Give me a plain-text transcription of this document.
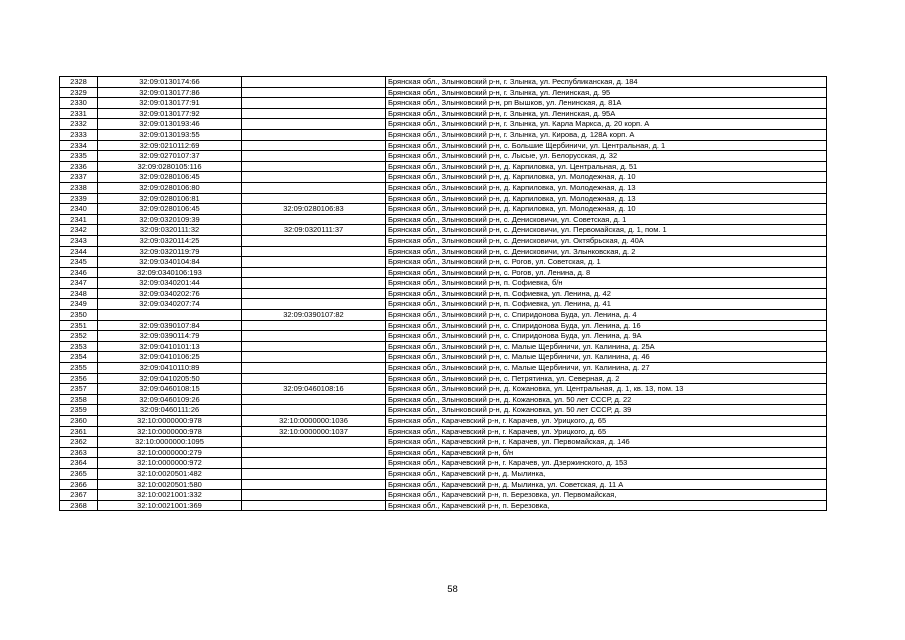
2328	32:09:0130174:66		Брянская обл., Злынковский р-н, г. Злынка, ул. Республиканская, д. 184
2329	32:09:0130177:86		Брянская обл., Злынковский р-н, г. Злынка, ул. Ленинская, д. 95
2330	32:09:0130177:91		Брянская обл., Злынковский р-н, рп Вышков, ул. Ленинская, д. 81А
2331	32:09:0130177:92		Брянская обл., Злынковский р-н, г. Злынка, ул. Ленинская, д. 95А
2332	32:09:0130193:46		Брянская обл., Злынковский р-н, г. Злынка, ул. Карла Маркса, д. 20 корп. А
2333	32:09:0130193:55		Брянская обл., Злынковский р-н, г. Злынка, ул. Кирова, д. 128А корп. А
2334	32:09:0210112:69		Брянская обл., Злынковский р-н, с. Большие Щербиничи, ул. Центральная, д. 1
2335	32:09:0270107:37		Брянская обл., Злынковский р-н, с. Лысые, ул. Белорусская, д. 32
2336	32:09:0280105:116		Брянская обл., Злынковский р-н, д. Карпиловка, ул. Центральная, д. 51
2337	32:09:0280106:45		Брянская обл., Злынковский р-н, д. Карпиловка, ул. Молодежная, д. 10
2338	32:09:0280106:80		Брянская обл., Злынковский р-н, д. Карпиловка, ул. Молодежная, д. 13
2339	32:09:0280106:81		Брянская обл., Злынковский р-н, д. Карпиловка, ул. Молодежная, д. 13
2340	32:09:0280106:45	32:09:0280106:83	Брянская обл., Злынковский р-н, д. Карпиловка, ул. Молодежная, д. 10
2341	32:09:0320109:39		Брянская обл., Злынковский р-н, с. Денисковичи, ул. Советская, д. 1
2342	32:09:0320111:32	32:09:0320111:37	Брянская обл., Злынковский р-н, с. Денисковичи, ул. Первомайская, д. 1, пом. 1
2343	32:09:0320114:25		Брянская обл., Злынковский р-н, с. Денисковичи, ул. Октябрьская, д. 40А
2344	32:09:0320119:79		Брянская обл., Злынковский р-н, с. Денисковичи, ул. Злынковская, д. 2
2345	32:09:0340104:84		Брянская обл., Злынковский р-н, с. Рогов, ул. Советская, д. 1
2346	32:09:0340106:193		Брянская обл., Злынковский р-н, с. Рогов, ул. Ленина, д. 8
2347	32:09:0340201:44		Брянская обл., Злынковский р-н, п. Софиевка, б/н
2348	32:09:0340202:76		Брянская обл., Злынковский р-н, п. Софиевка, ул. Ленина, д. 42
2349	32:09:0340207:74		Брянская обл., Злынковский р-н, п. Софиевка, ул. Ленина, д. 41
2350		32:09:0390107:82	Брянская обл., Злынковский р-н, с. Спиридонова Буда, ул. Ленина, д. 4
2351	32:09:0390107:84		Брянская обл., Злынковский р-н, с. Спиридонова Буда, ул. Ленина, д. 16
2352	32:09:0390114:79		Брянская обл., Злынковский р-н, с. Спиридонова Буда, ул. Ленина, д. 9А
2353	32:09:0410101:13		Брянская обл., Злынковский р-н, с. Малые Щербиничи, ул. Калинина, д. 25А
2354	32:09:0410106:25		Брянская обл., Злынковский р-н, с. Малые Щербиничи, ул. Калинина, д. 46
2355	32:09:0410110:89		Брянская обл., Злынковский р-н, с. Малые Щербиничи, ул. Калинина, д. 27
2356	32:09:0410205:50		Брянская обл., Злынковский р-н, с. Петрятинка, ул. Северная, д. 2
2357	32:09:0460108:15	32:09:0460108:16	Брянская обл., Злынковский р-н, д. Кожановка, ул. Центральная, д. 1, кв. 13, пом. 13
2358	32:09:0460109:26		Брянская обл., Злынковский р-н, д. Кожановка, ул. 50 лет СССР, д. 22
2359	32:09:0460111:26		Брянская обл., Злынковский р-н, д. Кожановка, ул. 50 лет СССР, д. 39
2360	32:10:0000000:978	32:10:0000000:1036	Брянская обл., Карачевский р-н, г. Карачев, ул. Урицкого, д. 65
2361	32:10:0000000:978	32:10:0000000:1037	Брянская обл., Карачевский р-н, г. Карачев, ул. Урицкого, д. 65
2362	32:10:0000000:1095		Брянская обл., Карачевский р-н, г. Карачев, ул. Первомайская, д. 146
2363	32:10:0000000:279		Брянская обл., Карачевский р-н, б/н
2364	32:10:0000000:972		Брянская обл., Карачевский р-н, г. Карачев, ул. Дзержинского, д. 153
2365	32:10:0020501:482		Брянская обл., Карачевский р-н, д. Мылинка,
2366	32:10:0020501:580		Брянская обл., Карачевский р-н, д. Мылинка, ул. Советская, д. 11 А
2367	32:10:0021001:332		Брянская обл., Карачевский р-н, п. Березовка, ул. Первомайская,
2368	32:10:0021001:369		Брянская обл., Карачевский р-н, п. Березовка,
58
